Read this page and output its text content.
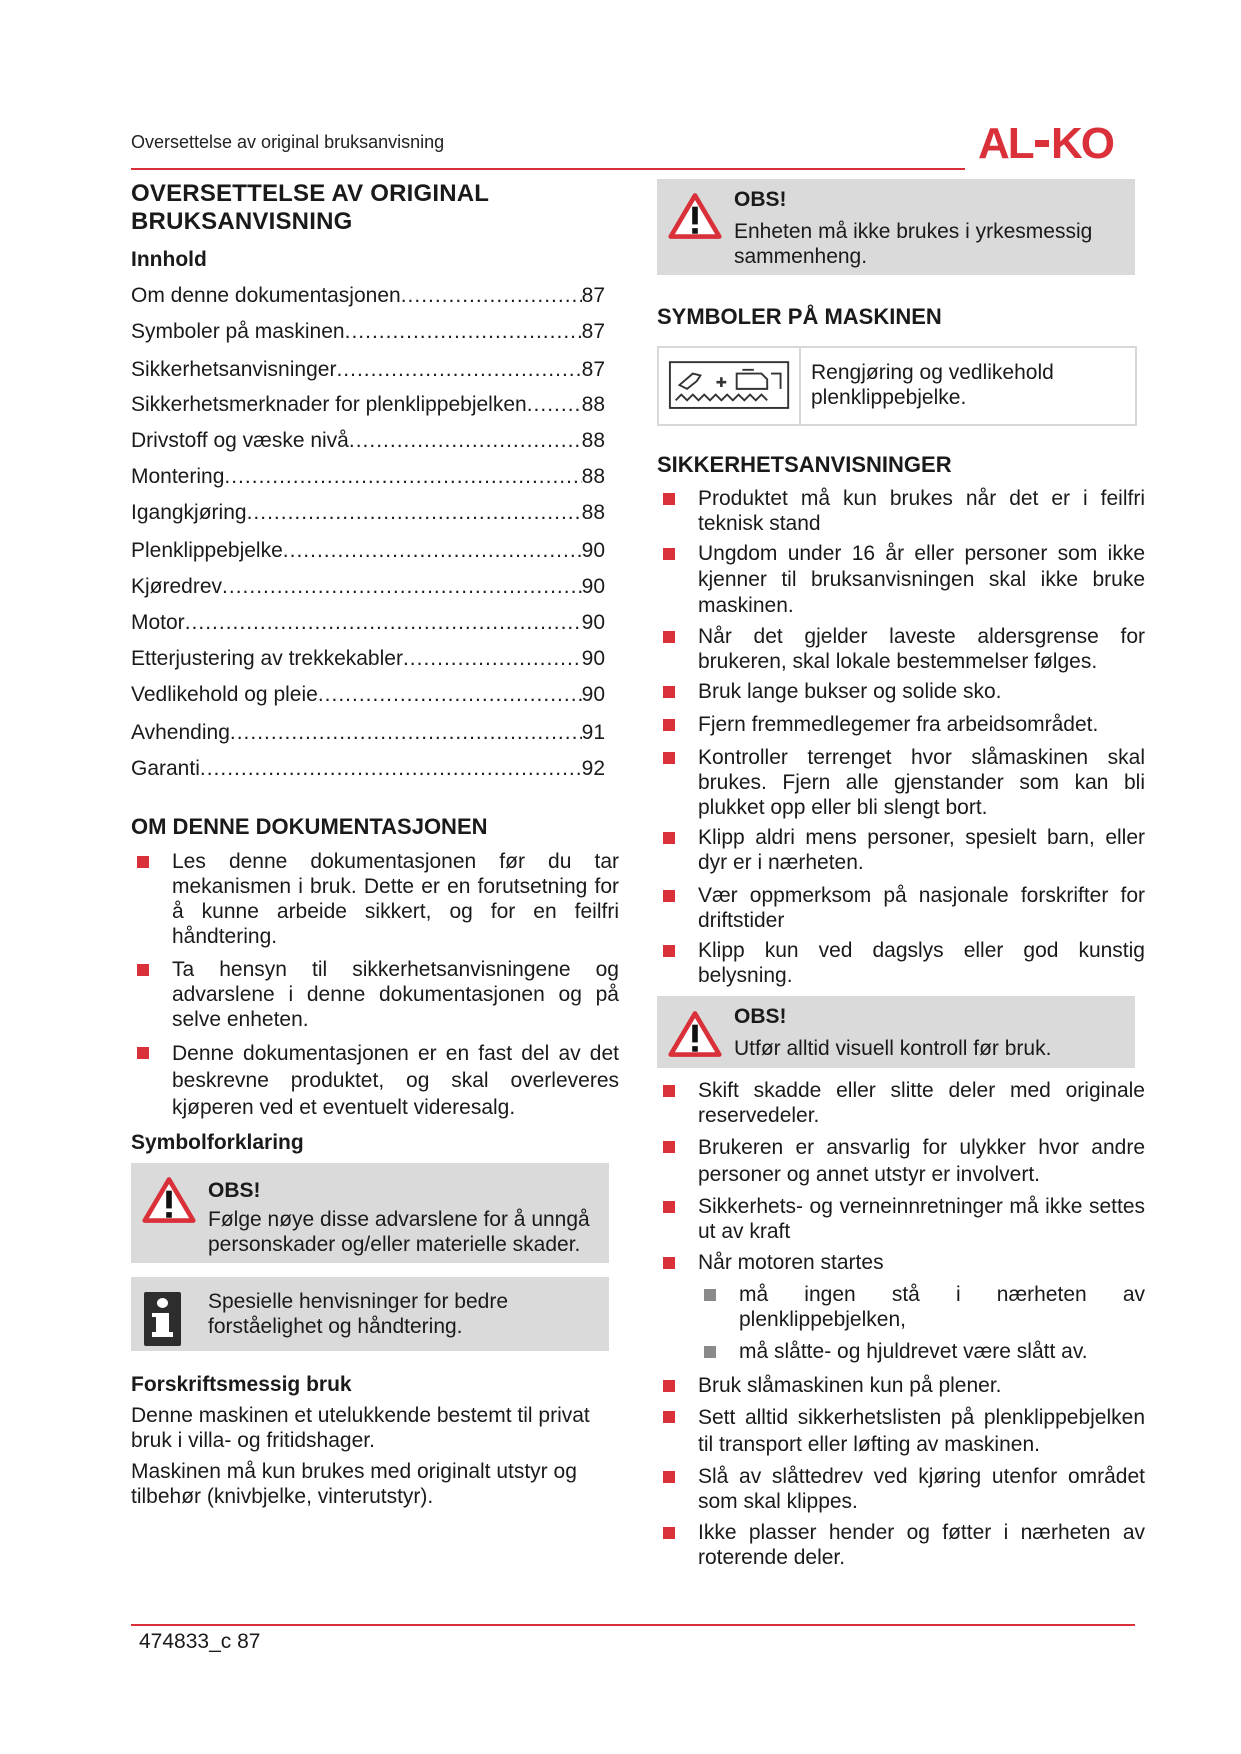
Oversettelse av original bruksanvisning	AL KO
OVERSETTELSE AV ORIGINAL
BRUKSANVISNING
Innhold
Om denne dokumentasjonen .....	87
Symboler på maskinen .....	87
Sikkerhetsanvisninger .....	87
Sikkerhetsmerknader for plenklippebjelken .....	88
Drivstoff og væske nivå .....	88
Montering .....	88
Igangkjøring .....	88
Plenklippebjelke .....	90
Kjøredrev .....	90
Motor .....	90
Etterjustering av trekkekabler .....	90
Vedlikehold og pleie .....	90
Avhending .....	91
Garanti .....	92
OM DENNE DOKUMENTASJONEN
Les denne dokumentasjonen før du tar mekanismen i bruk. Dette er en forutsetning for å kunne arbeide sikkert, og for en feilfri håndtering.
Ta hensyn til sikkerhetsanvisningene og advarslene i denne dokumentasjonen og på selve enheten.
Denne dokumentasjonen er en fast del av det beskrevne produktet, og skal overleveres kjøperen ved et eventuelt videresalg.
Symbolforklaring
OBS!
Følge nøye disse advarslene for å unngå personskader og/eller materielle skader.
Spesielle henvisninger for bedre forståelighet og håndtering.
Forskriftsmessig bruk
Denne maskinen et utelukkende bestemt til privat bruk i villa- og fritidshager.
Maskinen må kun brukes med originalt utstyr og tilbehør (knivbjelke, vinterutstyr).
OBS!
Enheten må ikke brukes i yrkesmessig sammenheng.
SYMBOLER PÅ MASKINEN
✚	Rengjøring og vedlikehold plenklippebjelke.
SIKKERHETSANVISNINGER
Produktet må kun brukes når det er i feilfri teknisk stand
Ungdom under 16 år eller personer som ikke kjenner til bruksanvisningen skal ikke bruke maskinen.
Når det gjelder laveste aldersgrense for brukeren, skal lokale bestemmelser følges.
Bruk lange bukser og solide sko.
Fjern fremmedlegemer fra arbeidsområdet.
Kontroller terrenget hvor slåmaskinen skal brukes. Fjern alle gjenstander som kan bli plukket opp eller bli slengt bort.
Klipp aldri mens personer, spesielt barn, eller dyr er i nærheten.
Vær oppmerksom på nasjonale forskrifter for driftstider
Klipp kun ved dagslys eller god kunstig belysning.
OBS!
Utfør alltid visuell kontroll før bruk.
Skift skadde eller slitte deler med originale reservedeler.
Brukeren er ansvarlig for ulykker hvor andre personer og annet utstyr er involvert.
Sikkerhets- og verneinnretninger må ikke settes ut av kraft
Når motoren startes
må ingen stå i nærheten av plenklippebjelken,
må slåtte- og hjuldrevet være slått av.
Bruk slåmaskinen kun på plener.
Sett alltid sikkerhetslisten på plenklippebjelken til transport eller løfting av maskinen.
Slå av slåttedrev ved kjøring utenfor området som skal klippes.
Ikke plasser hender og føtter i nærheten av roterende deler.
474833_c 87
